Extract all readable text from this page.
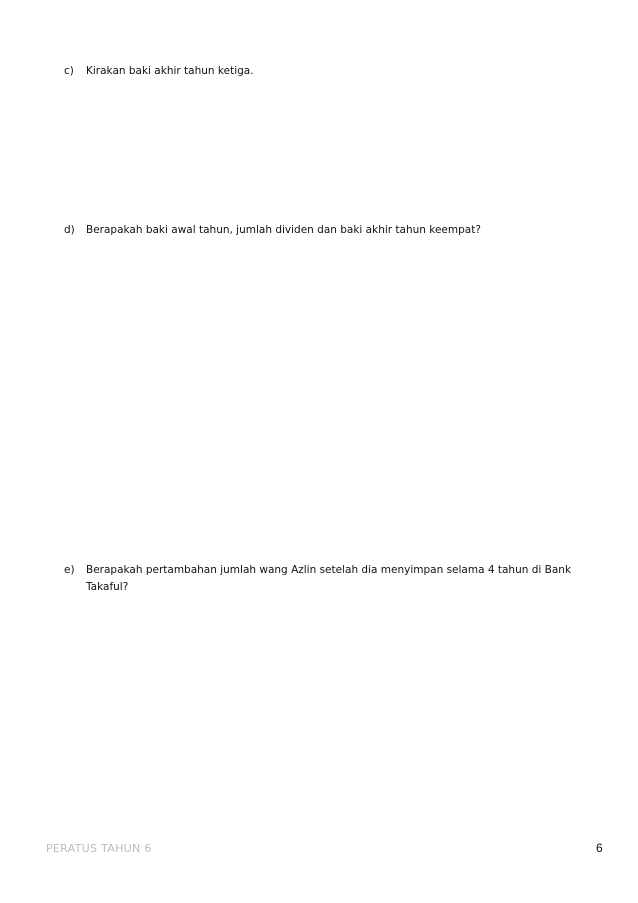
c)	Kirakan baki akhir tahun ketiga.
d)	Berapakah baki awal tahun, jumlah dividen dan baki akhir tahun keempat?
e)	Berapakah pertambahan jumlah wang Azlin setelah dia menyimpan selama 4 tahun di Bank Takaful?
PERATUS TAHUN 6	6
